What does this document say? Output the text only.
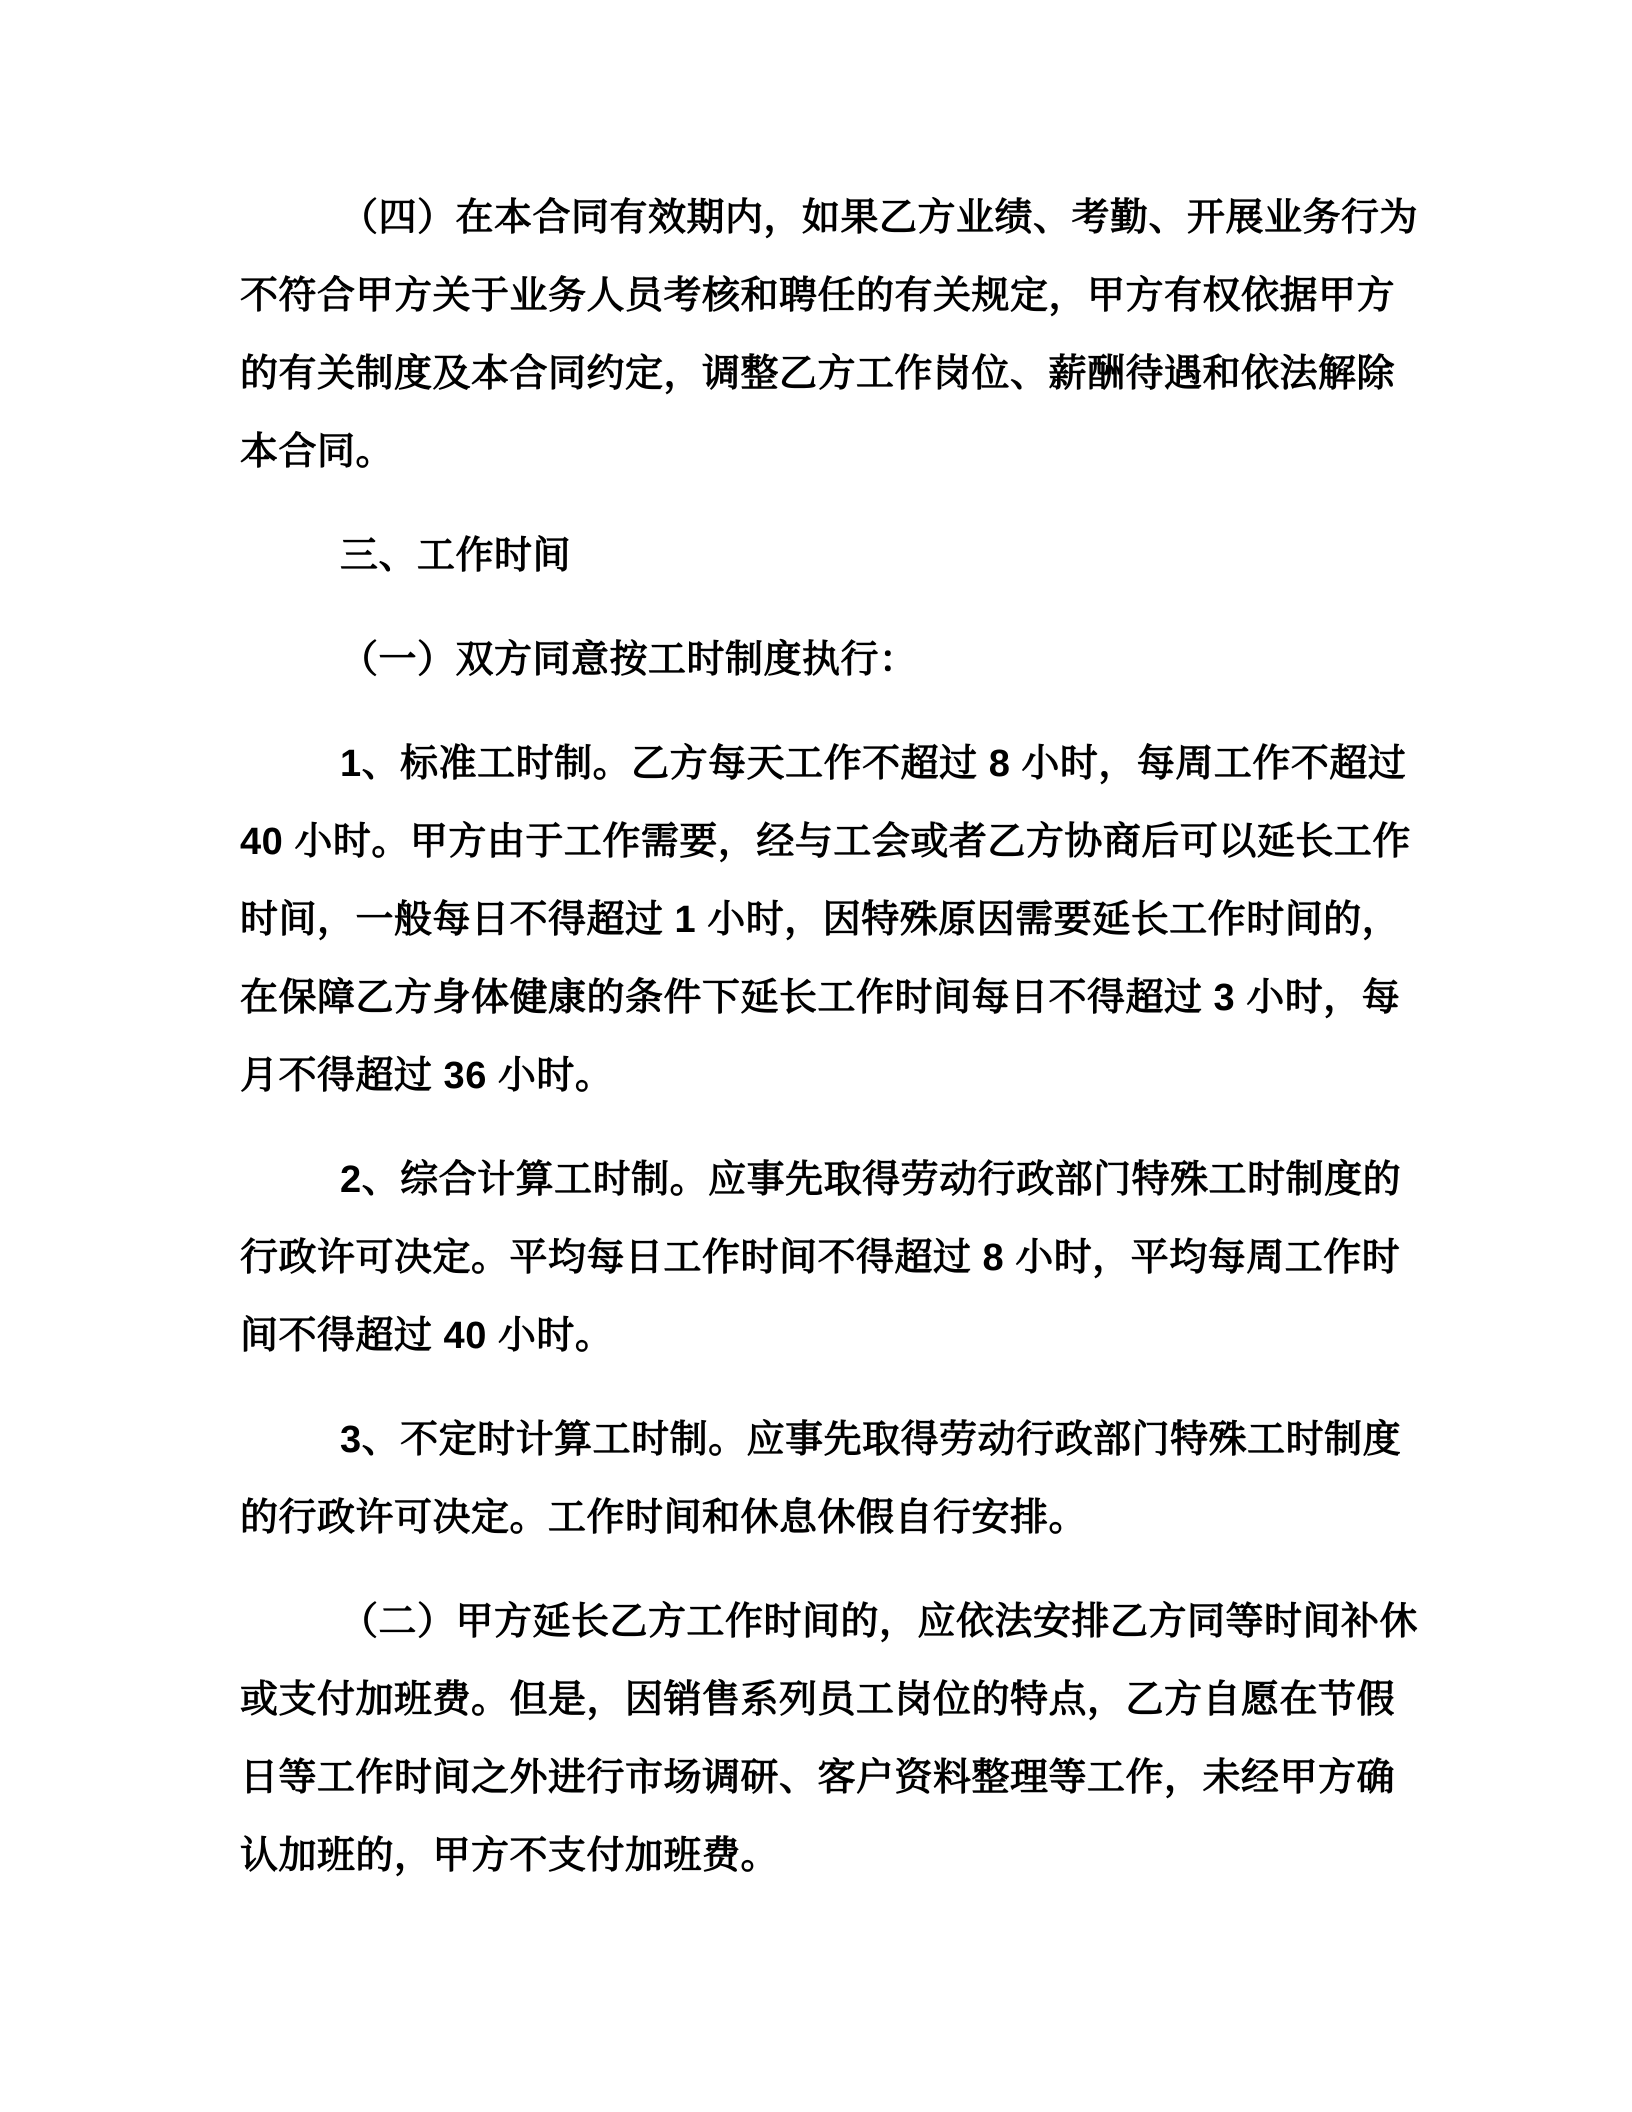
（四）在本合同有效期内，如果乙方业绩、考勤、开展业务行为
不符合甲方关于业务人员考核和聘任的有关规定，甲方有权依据甲方
的有关制度及本合同约定，调整乙方工作岗位、薪酬待遇和依法解除
本合同。
三、工作时间
（一）双方同意按工时制度执行：
1、标准工时制。乙方每天工作不超过 8 小时，每周工作不超过
40 小时。甲方由于工作需要，经与工会或者乙方协商后可以延长工作
时间，一般每日不得超过 1 小时，因特殊原因需要延长工作时间的，
在保障乙方身体健康的条件下延长工作时间每日不得超过 3 小时，每
月不得超过 36 小时。
2、综合计算工时制。应事先取得劳动行政部门特殊工时制度的
行政许可决定。平均每日工作时间不得超过 8 小时，平均每周工作时
间不得超过 40 小时。
3、不定时计算工时制。应事先取得劳动行政部门特殊工时制度
的行政许可决定。工作时间和休息休假自行安排。
（二）甲方延长乙方工作时间的，应依法安排乙方同等时间补休
或支付加班费。但是，因销售系列员工岗位的特点，乙方自愿在节假
日等工作时间之外进行市场调研、客户资料整理等工作，未经甲方确
认加班的，甲方不支付加班费。
